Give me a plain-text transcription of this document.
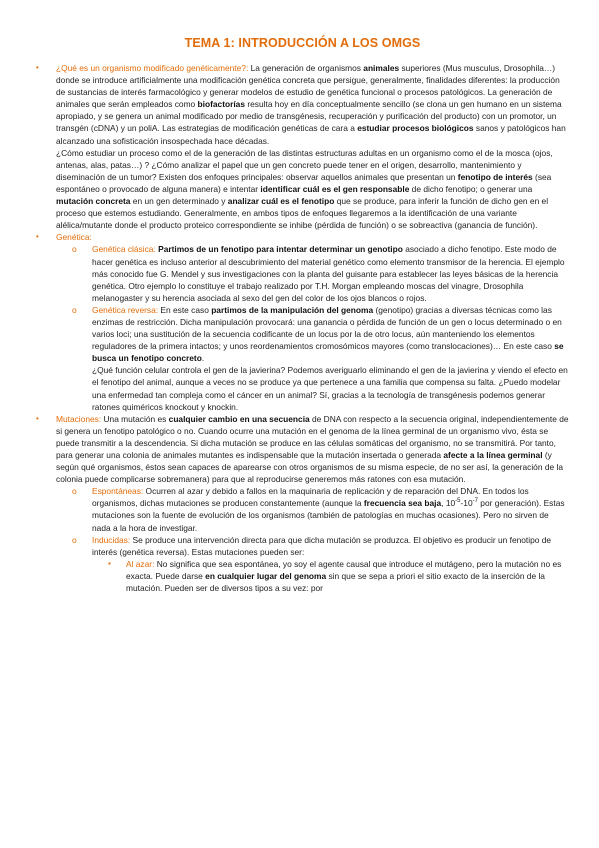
TEMA 1: INTRODUCCIÓN A LOS OMGS
• ¿Qué es un organismo modificado genéticamente?: La generación de organismos animales superiores (Mus musculus, Drosophila…) donde se introduce artificialmente una modificación genética concreta que persigue, generalmente, finalidades diferentes: la producción de sustancias de interés farmacológico y generar modelos de estudio de genética funcional o procesos patológicos. La generación de animales que serán empleados como biofactorías resulta hoy en día conceptualmente sencillo (se clona un gen humano en un sistema apropiado, y se genera un animal modificado por medio de transgénesis, recuperación y purificación del producto) con un promotor, un transgén (cDNA) y un poliA. Las estrategias de modificación genéticas de cara a estudiar procesos biológicos sanos y patológicos han alcanzado una sofisticación insospechada hace décadas.
¿Cómo estudiar un proceso como el de la generación de las distintas estructuras adultas en un organismo como el de la mosca (ojos, antenas, alas, patas…) ? ¿Cómo analizar el papel que un gen concreto puede tener en el origen, desarrollo, mantenimiento y diseminación de un tumor? Existen dos enfoques principales: observar aquellos animales que presentan un fenotipo de interés (sea espontáneo o provocado de alguna manera) e intentar identificar cuál es el gen responsable de dicho fenotipo; o generar una mutación concreta en un gen determinado y analizar cuál es el fenotipo que se produce, para inferir la función de dicho gen en el proceso que estemos estudiando. Generalmente, en ambos tipos de enfoques llegaremos a la identificación de una variante alélica/mutante donde el producto proteico correspondiente se inhibe (pérdida de función) o se sobreactiva (ganancia de función).
• Genética:
o Genética clásica: Partimos de un fenotipo para intentar determinar un genotipo asociado a dicho fenotipo. Este modo de hacer genética es incluso anterior al descubrimiento del material genético como elemento transmisor de la herencia. El ejemplo más conocido fue G. Mendel y sus investigaciones con la planta del guisante para establecer las leyes básicas de la herencia genética. Otro ejemplo lo constituye el trabajo realizado por T.H. Morgan empleando moscas del vinagre, Drosophila melanogaster y su herencia asociada al sexo del gen del color de los ojos blancos o rojos.
o Genética reversa: En este caso partimos de la manipulación del genoma (genotipo) gracias a diversas técnicas como las enzimas de restricción. Dicha manipulación provocará: una ganancia o pérdida de función de un gen o locus determinado o en varios loci; una sustitución de la secuencia codificante de un locus por la de otro locus, aún manteniendo los elementos reguladores de la primera intactos; y unos reordenamientos cromosómicos mayores (como translocaciones)… En este caso se busca un fenotipo concreto.
¿Qué función celular controla el gen de la javierina? Podemos averiguarlo eliminando el gen de la javierina y viendo el efecto en el fenotipo del animal, aunque a veces no se produce ya que pertenece a una familia que compensa su falta. ¿Puedo modelar una enfermedad tan compleja como el cáncer en un animal? Sí, gracias a la tecnología de transgénesis podemos generar ratones quiméricos knockout y knockin.
• Mutaciones: Una mutación es cualquier cambio en una secuencia de DNA con respecto a la secuencia original, independientemente de si genera un fenotipo patológico o no. Cuando ocurre una mutación en el genoma de la línea germinal de un organismo vivo, ésta se puede transmitir a la descendencia. Si dicha mutación se produce en las células somáticas del organismo, no se transmitirá. Por tanto, para generar una colonia de animales mutantes es indispensable que la mutación insertada o generada afecte a la línea germinal (y según qué organismos, éstos sean capaces de aparearse con otros organismos de su misma especie, de no ser así, la generación de la colonia puede complicarse sobremanera) para que al reproducirse generemos más ratones con esa mutación.
o Espontáneas: Ocurren al azar y debido a fallos en la maquinaria de replicación y de reparación del DNA. En todos los organismos, dichas mutaciones se producen constantemente (aunque la frecuencia sea baja, $10^{-5}-10^{-7}$ por generación). Estas mutaciones son la fuente de evolución de los organismos (también de patologías en muchas ocasiones). Pero no sirven de nada a la hora de investigar.
o Inducidas: Se produce una intervención directa para que dicha mutación se produzca. El objetivo es producir un fenotipo de interés (genética reversa). Estas mutaciones pueden ser:
▪ Al azar: No significa que sea espontánea, yo soy el agente causal que introduce el mutágeno, pero la mutación no es exacta. Puede darse en cualquier lugar del genoma sin que se sepa a priori el sitio exacto de la inserción de la mutación. Pueden ser de diversos tipos a su vez: por
